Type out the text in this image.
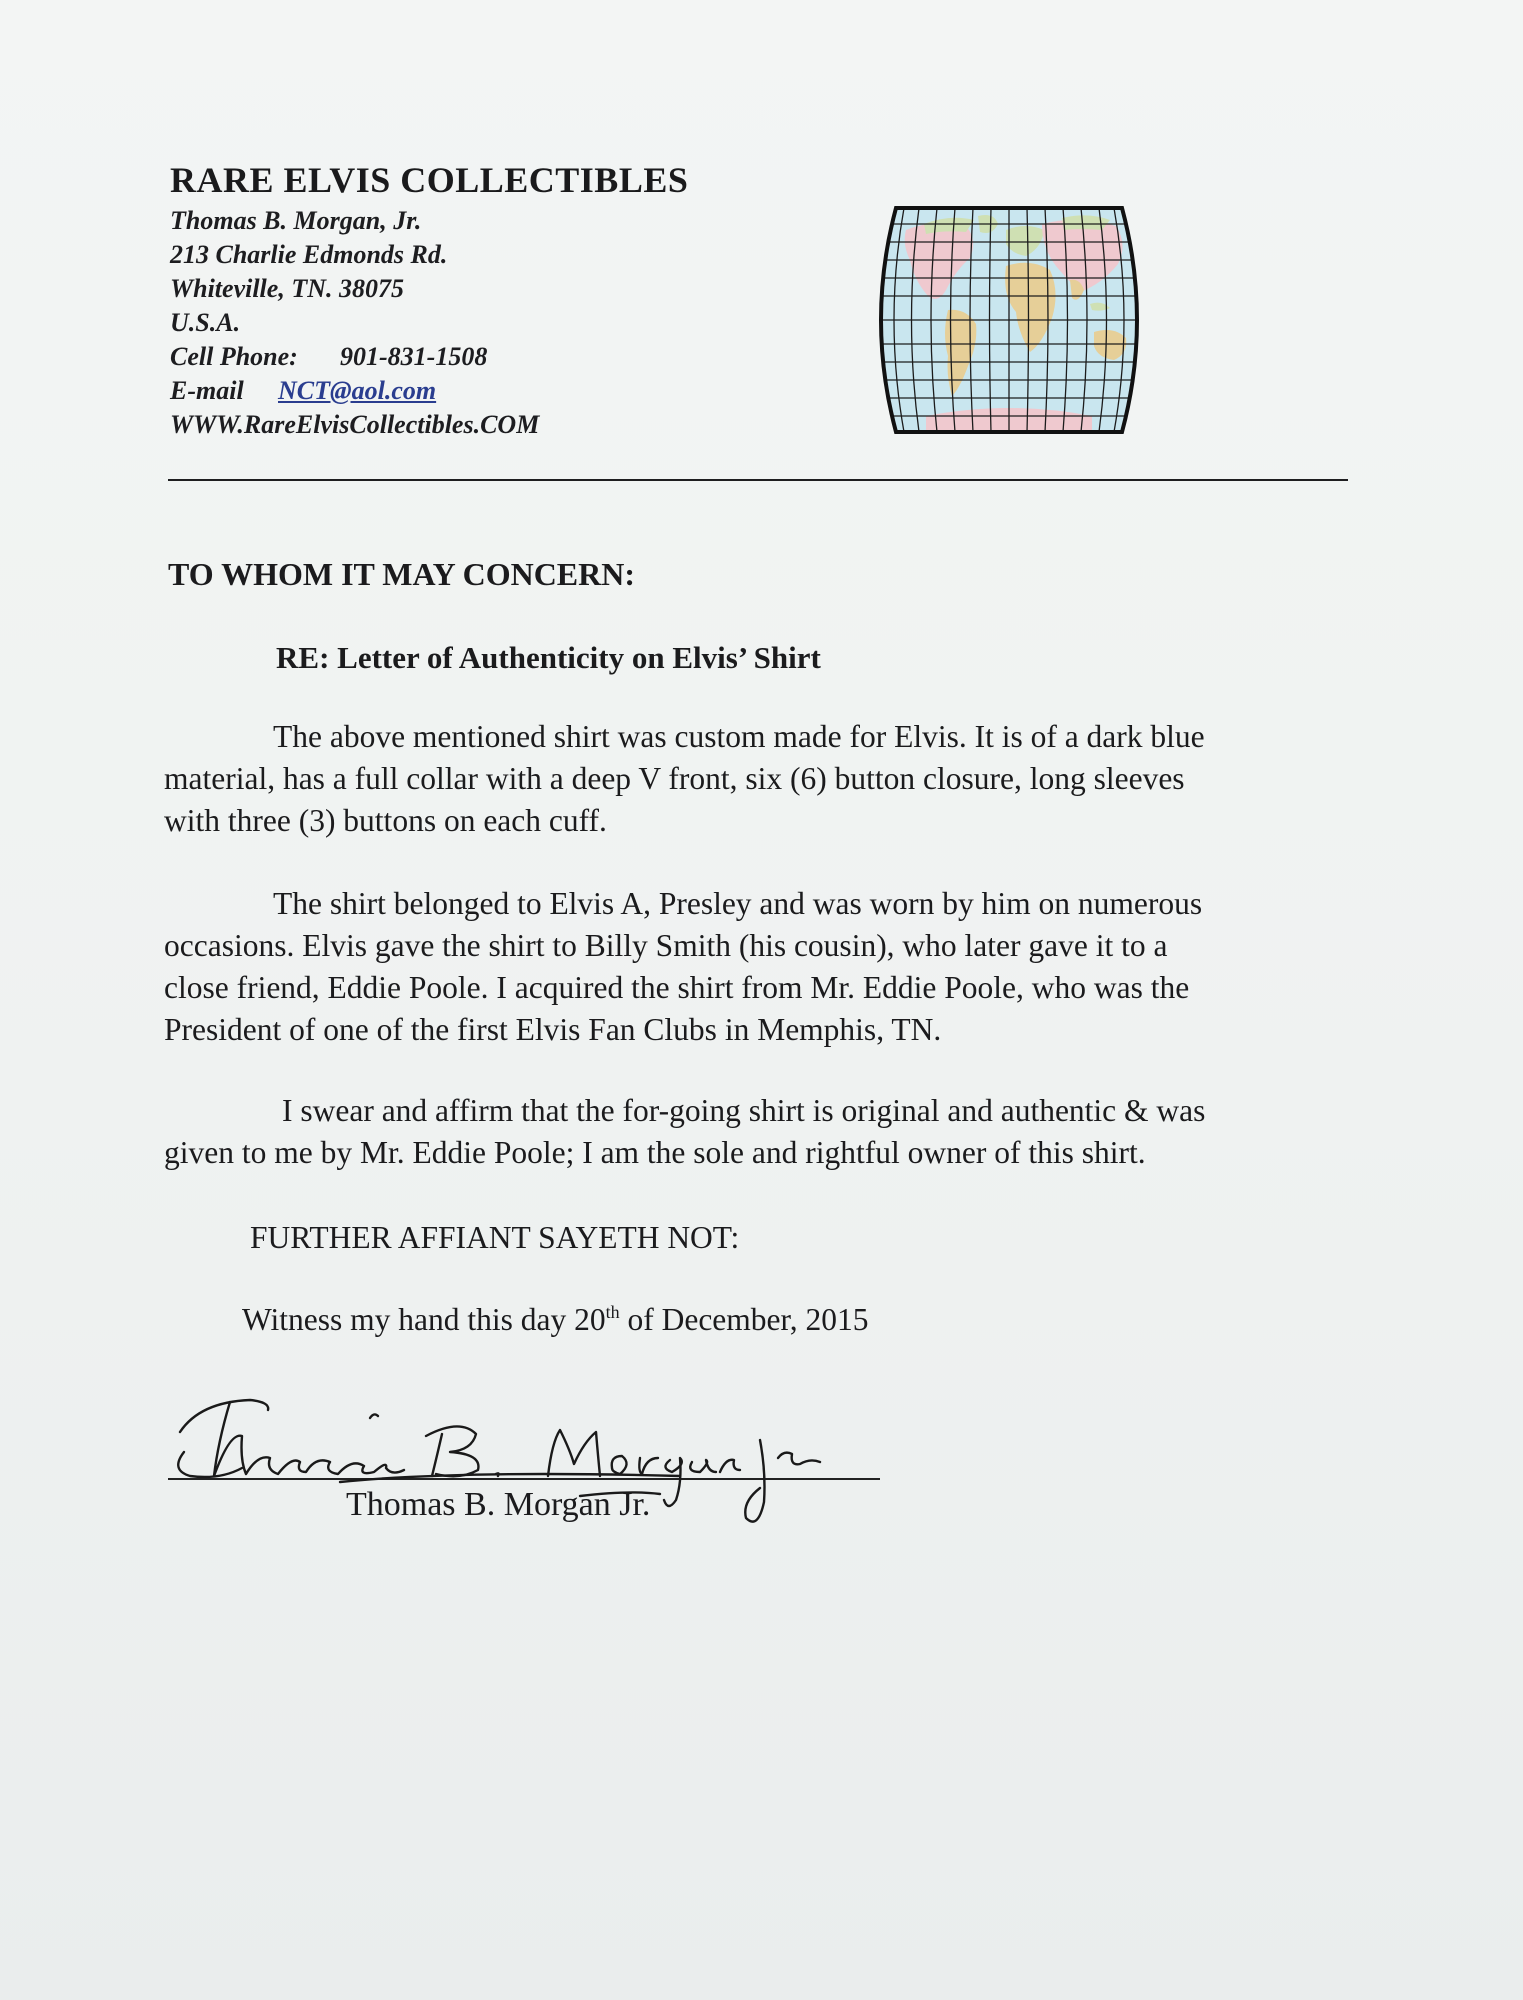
RARE ELVIS COLLECTIBLES
Thomas B. Morgan, Jr.
213 Charlie Edmonds Rd.
Whiteville, TN. 38075
U.S.A.
Cell Phone: 901-831-1508
E-mail NCT@aol.com
WWW.RareElvisCollectibles.COM
TO WHOM IT MAY CONCERN:
RE: Letter of Authenticity on Elvis’ Shirt
The above mentioned shirt was custom made for Elvis. It is of a dark blue
material, has a full collar with a deep V front, six (6) button closure, long sleeves
with three (3) buttons on each cuff.
The shirt belonged to Elvis A, Presley and was worn by him on numerous
occasions. Elvis gave the shirt to Billy Smith (his cousin), who later gave it to a
close friend, Eddie Poole. I acquired the shirt from Mr. Eddie Poole, who was the
President of one of the first Elvis Fan Clubs in Memphis, TN.
I swear and affirm that the for-going shirt is original and authentic & was
given to me by Mr. Eddie Poole; I am the sole and rightful owner of this shirt.
FURTHER AFFIANT SAYETH NOT:
Witness my hand this day 20th of December, 2015
Thomas B. Morgan Jr.
